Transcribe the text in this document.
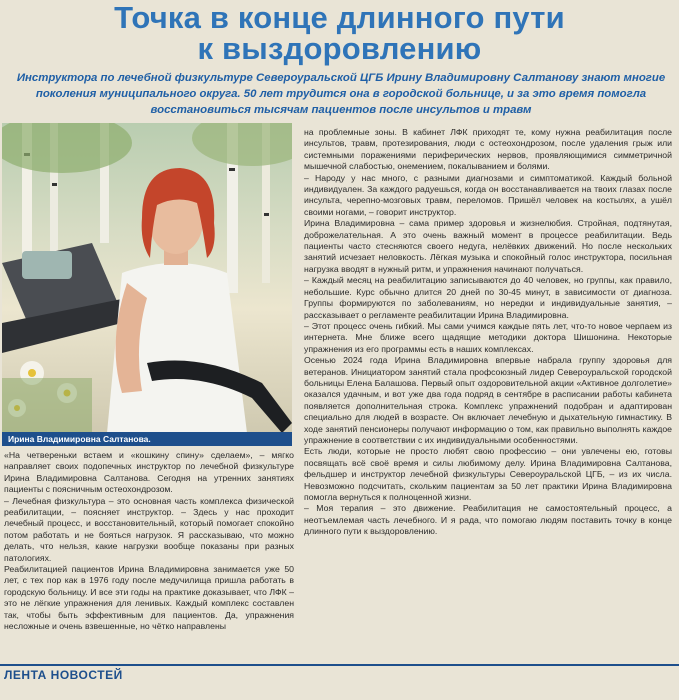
Точка в конце длинного пути
к выздоровлению
Инструктора по лечебной физкультуре Североуральской ЦГБ Ирину Владимировну Салтанову знают многие поколения муниципального округа. 50 лет трудится она в городской больнице, и за это время помогла восстановиться тысячам пациентов после инсультов и травм
Ирина Владимировна Салтанова.

на проблемные зоны. В кабинет ЛФК приходят те, кому нужна реабилитация после инсультов, травм, протезирования, люди с остеохондрозом, после удаления грыж или системными поражениями периферических нервов, проявляющимися симметричной мышечной слабостью, онемением, покалыванием и болями.

– Народу у нас много, с разными диагнозами и симптоматикой. Каждый больной индивидуален. За каждого радуешься, когда он восстанавливается на твоих глазах после инсульта, черепно-мозговых травм, переломов. Пришёл человек на костылях, а ушёл своими ногами, – говорит инструктор.

Ирина Владимировна – сама пример здоровья и жизнелюбия. Стройная, подтянутая, доброжелательная. А это очень важный момент в процессе реабилитации. Ведь пациенты часто стесняются своего недуга, нелёвких движений. Но после нескольких занятий исчезает неловкость. Лёгкая музыка и спокойный голос инструктора, посильная нагрузка вводят в нужный ритм, и упражнения начинают получаться.

– Каждый месяц на реабилитацию записываются до 40 человек, но группы, как правило, небольшие. Курс обычно длится 20 дней по 30-45 минут, в зависимости от диагноза. Группы формируются по заболеваниям, но нередки и индивидуальные занятия, – рассказывает о регламенте реабилитации Ирина Владимировна.

– Этот процесс очень гибкий. Мы сами учимся каждые пять лет, что-то новое черпаем из интернета. Мне ближе всего щадящие методики доктора Шишонина. Некоторые упражнения из его программы есть в наших комплексах.

Осенью 2024 года Ирина Владимировна впервые набрала группу здоровья для ветеранов. Инициатором занятий стала профсоюзный лидер Североуральской городской больницы Елена Балашова. Первый опыт оздоровительной акции «Активное долголетие» оказался удачным, и вот уже два года подряд в сентябре в расписании работы кабинета появляется дополнительная строка. Комплекс упражнений подобран и адаптирован специально для людей в возрасте. Он включает лечебную и дыхательную гимнастику. В ходе занятий пенсионеры получают информацию о том, как правильно выполнять каждое упражнение в соответствии с их индивидуальными особенностями.

Есть люди, которые не просто любят свою профессию – они увлечены ею, готовы посвящать всё своё время и силы любимому делу. Ирина Владимировна Салтанова, фельдшер и инструктор лечебной физкультуры Североуральской ЦГБ, – из их числа. Невозможно подсчитать, скольким пациентам за 50 лет практики Ирина Владимировна помогла вернуться к полноценной жизни.

– Моя терапия – это движение. Реабилитация не самостоятельный процесс, а неотъемлемая часть лечебного. И я рада, что помогаю людям поставить точку в конце длинного пути к выздоровлению.

«На четвереньки встаем и «кошкину спину» сделаем», – мягко направляет своих подопечных инструктор по лечебной физкультуре Ирина Владимировна Салтанова. Сегодня на утренних занятиях пациенты с поясничным остеохондрозом.

– Лечебная физкультура – это основная часть комплекса физической реабилитации, – поясняет инструктор. – Здесь у нас проходит лечебный процесс, и восстановительный, который помогает спокойно потом работать и не бояться нагрузок. Я рассказываю, что можно делать, что нельзя, какие нагрузки вообще показаны при разных патологиях.

Реабилитацией пациентов Ирина Владимировна занимается уже 50 лет, с тех пор как в 1976 году после медучилища пришла работать в городскую больницу. И все эти годы на практике доказывает, что ЛФК – это не лёгкие упражнения для ленивых. Каждый комплекс составлен так, чтобы быть эффективным для пациентов. Да, упражнения несложные и очень взвешенные, но чётко направлены

ЛЕНТА НОВОСТЕЙ
